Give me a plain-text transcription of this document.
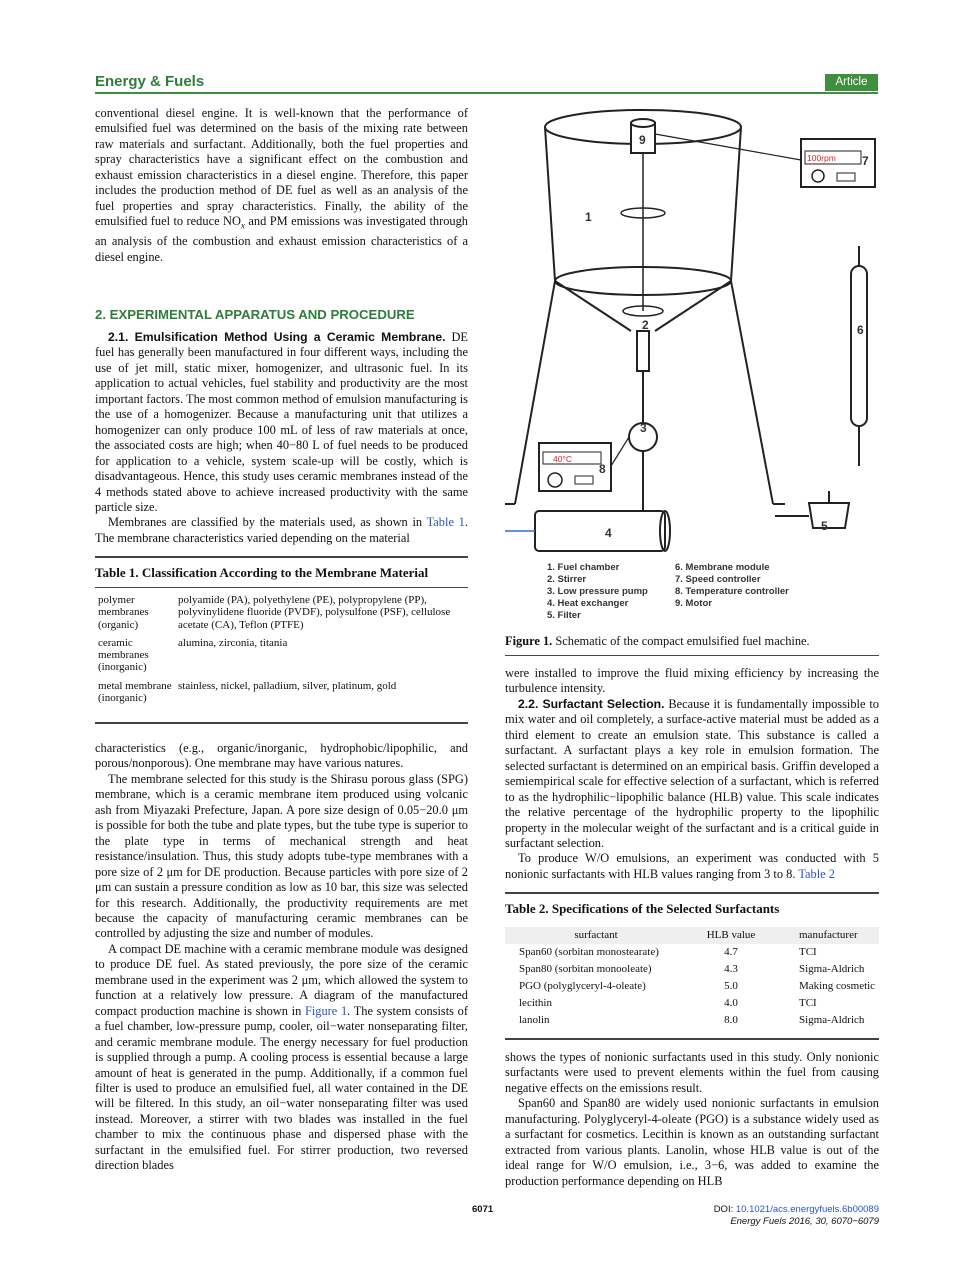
Energy & Fuels	Article

conventional diesel engine. It is well-known that the performance of emulsified fuel was determined on the basis of the mixing rate between raw materials and surfactant. Additionally, both the fuel properties and spray characteristics have a significant effect on the combustion and exhaust emission characteristics in a diesel engine. Therefore, this paper includes the production method of DE fuel as well as an analysis of the fuel properties and spray characteristics. Finally, the ability of the emulsified fuel to reduce $NO_x$ and PM emissions was investigated through an analysis of the combustion and exhaust emission characteristics of a diesel engine.

2. EXPERIMENTAL APPARATUS AND PROCEDURE

2.1. Emulsification Method Using a Ceramic Membrane. DE fuel has generally been manufactured in four different ways, including the use of jet mill, static mixer, homogenizer, and ultrasonic fuel. In its application to actual vehicles, fuel stability and productivity are the most important factors. The most common method of emulsion manufacturing is the use of a homogenizer. Because a manufacturing unit that utilizes a homogenizer can only produce 100 mL of less of raw materials at once, the associated costs are high; when 40−80 L of fuel needs to be produced for application to a vehicle, system scale-up will be costly, which is disadvantageous. Hence, this study uses ceramic membranes instead of the 4 methods stated above to achieve increased productivity with the same particle size.

Membranes are classified by the materials used, as shown in Table 1. The membrane characteristics varied depending on the material

Table 1. Classification According to the Membrane Material
polymer membranes (organic)	polyamide (PA), polyethylene (PE), polypropylene (PP), polyvinylidene fluoride (PVDF), polysulfone (PSF), cellulose acetate (CA), Teflon (PTFE)
ceramic membranes (inorganic)	alumina, zirconia, titania
metal membrane (inorganic)	stainless, nickel, palladium, silver, platinum, gold

characteristics (e.g., organic/inorganic, hydrophobic/lipophilic, and porous/nonporous). One membrane may have various natures.

The membrane selected for this study is the Shirasu porous glass (SPG) membrane, which is a ceramic membrane item produced using volcanic ash from Miyazaki Prefecture, Japan. A pore size design of 0.05−20.0 μm is possible for both the tube and plate types, but the tube type is superior to the plate type in terms of mechanical strength and heat resistance/insulation. Thus, this study adopts tube-type membranes with a pore size of 2 μm for DE production. Because particles with pore size of 2 μm can sustain a pressure condition as low as 10 bar, this size was selected for this research. Additionally, the productivity requirements are met because the capacity of manufacturing ceramic membranes can be controlled by adjusting the size and number of modules.

A compact DE machine with a ceramic membrane module was designed to produce DE fuel. As stated previously, the pore size of the ceramic membrane used in the experiment was 2 μm, which allowed the system to function at a relatively low pressure. A diagram of the manufactured compact production machine is shown in Figure 1. The system consists of a fuel chamber, low-pressure pump, cooler, oil−water nonseparating filter, and ceramic membrane module. The energy necessary for fuel production is supplied through a pump. A cooling process is essential because a large amount of heat is generated in the pump. Additionally, if a common fuel filter is used to produce an emulsified fuel, all water contained in the DE will be filtered. In this study, an oil−water nonseparating filter was used instead. Moreover, a stirrer with two blades was installed in the fuel chamber to mix the continuous phase and dispersed phase with the surfactant in the emulsified fuel. For stirrer production, two reversed direction blades

100rpm
40°C
1
2
3
4	5
6
7
8
9
1. Fuel chamber
2. Stirrer
3. Low pressure pump
4. Heat exchanger
5. Filter
6. Membrane module
7. Speed controller
8. Temperature controller
9. Motor
Figure 1. Schematic of the compact emulsified fuel machine.

were installed to improve the fluid mixing efficiency by increasing the turbulence intensity.

2.2. Surfactant Selection. Because it is fundamentally impossible to mix water and oil completely, a surface-active material must be added as a third element to create an emulsion state. This substance is called a surfactant. A surfactant plays a key role in emulsion formation. The selected surfactant is determined on an empirical basis. Griffin developed a semiempirical scale for effective selection of a surfactant, which is referred to as the hydrophilic−lipophilic balance (HLB) value. This scale indicates the relative percentage of the hydrophilic property to the lipophilic property in the molecular weight of the surfactant and is a critical guide in surfactant selection.

To produce W/O emulsions, an experiment was conducted with 5 nonionic surfactants with HLB values ranging from 3 to 8. Table 2

Table 2. Specifications of the Selected Surfactants
surfactant	HLB value	manufacturer
Span60 (sorbitan monostearate)	4.7	TCI
Span80 (sorbitan monooleate)	4.3	Sigma-Aldrich
PGO (polyglyceryl-4-oleate)	5.0	Making cosmetic
lecithin	4.0	TCI
lanolin	8.0	Sigma-Aldrich

shows the types of nonionic surfactants used in this study. Only nonionic surfactants were used to prevent elements within the fuel from causing negative effects on the emissions result.

Span60 and Span80 are widely used nonionic surfactants in emulsion manufacturing. Polyglyceryl-4-oleate (PGO) is a substance widely used as a surfactant for cosmetics. Lecithin is known as an outstanding surfactant extracted from various plants. Lanolin, whose HLB value is out of the ideal range for W/O emulsion, i.e., 3−6, was added to examine the production performance depending on HLB

6071	DOI: 10.1021/acs.energyfuels.6b00089
Energy Fuels 2016, 30, 6070−6079
